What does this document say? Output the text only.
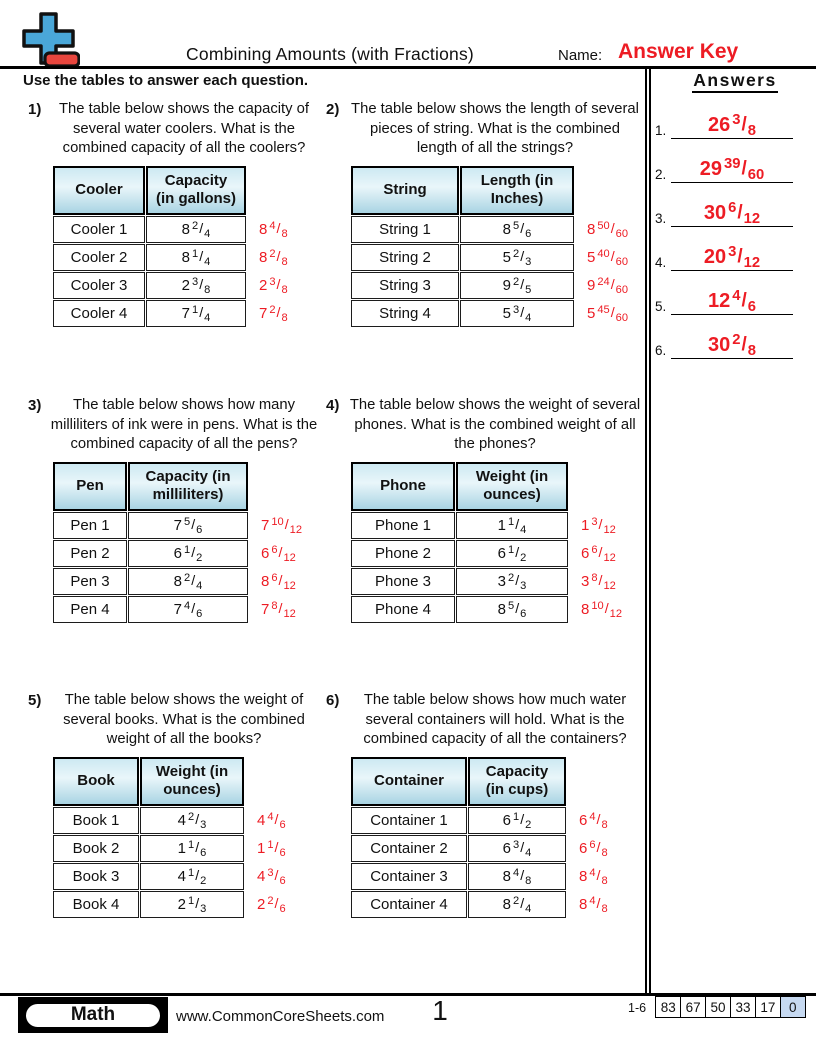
Combining Amounts (with Fractions)	Name: Answer Key
Use the tables to answer each question.	Answers
1. 26 $^3/_8$
2. 29 $^{39}/_{60}$
3. 30 $^6/_{12}$
4. 20 $^3/_{12}$
5. 12 $^4/_6$
6. 30 $^2/_8$
1)	The table below shows the capacity of several water coolers. What is the combined capacity of all the coolers?
Cooler	Capacity (in gallons)	
Cooler 1	8 $^2/_4$	8 $^4/_8$
Cooler 2	8 $^1/_4$	8 $^2/_8$
Cooler 3	2 $^3/_8$	2 $^3/_8$
Cooler 4	7 $^1/_4$	7 $^2/_8$
2) The table below shows the length of several pieces of string. What is the combined length of all the strings?
String	Length (in Inches)	
String 1	8 $^5/_6$	8 $^{50}/_{60}$
String 2	5 $^2/_3$	5 $^{40}/_{60}$
String 3	9 $^2/_5$	9 $^{24}/_{60}$
String 4	5 $^3/_4$	5 $^{45}/_{60}$
3)	The table below shows how many milliliters of ink were in pens. What is the combined capacity of all the pens?
Pen	Capacity (in milliliters)	
Pen 1	7 $^5/_6$	7 $^{10}/_{12}$
Pen 2	6 $^1/_2$	6 $^6/_{12}$
Pen 3	8 $^2/_4$	8 $^6/_{12}$
Pen 4	7 $^4/_6$	7 $^8/_{12}$
4) The table below shows the weight of several phones. What is the combined weight of all the phones?
Phone	Weight (in ounces)	
Phone 1	1 $^1/_4$	1 $^3/_{12}$
Phone 2	6 $^1/_2$	6 $^6/_{12}$
Phone 3	3 $^2/_3$	3 $^8/_{12}$
Phone 4	8 $^5/_6$	8 $^{10}/_{12}$
5)	The table below shows the weight of several books. What is the combined weight of all the books?
Book	Weight (in ounces)	
Book 1	4 $^2/_3$	4 $^4/_6$
Book 2	1 $^1/_6$	1 $^1/_6$
Book 3	4 $^1/_2$	4 $^3/_6$
Book 4	2 $^1/_3$	2 $^2/_6$
6)	The table below shows how much water several containers will hold. What is the combined capacity of all the containers?
Container	Capacity (in cups)	
Container 1	6 $^1/_2$	6 $^4/_8$
Container 2	6 $^3/_4$	6 $^6/_8$
Container 3	8 $^4/_8$	8 $^4/_8$
Container 4	8 $^2/_4$	8 $^4/_8$
Math	www.CommonCoreSheets.com	1	1-6	83 67 50 33 17	0
